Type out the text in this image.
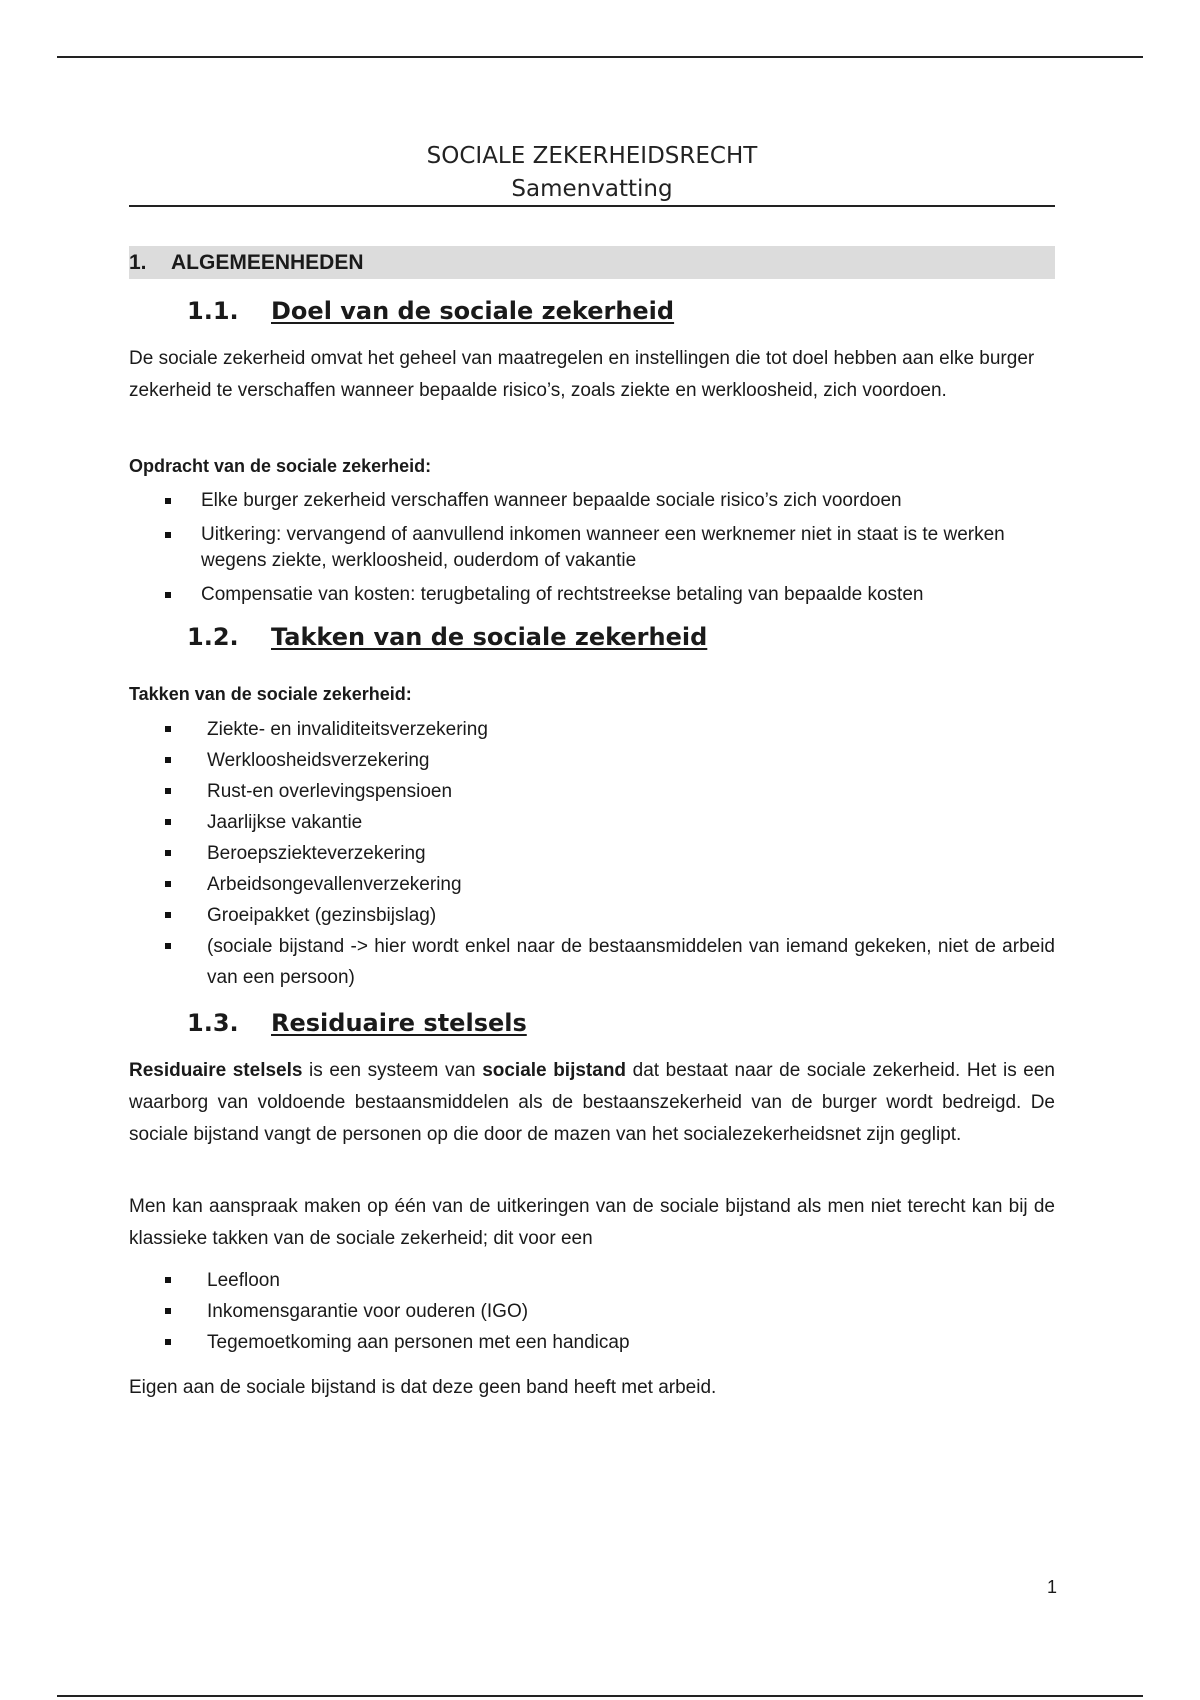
SOCIALE ZEKERHEIDSRECHT
Samenvatting
1. ALGEMEENHEDEN
1.1. Doel van de sociale zekerheid
De sociale zekerheid omvat het geheel van maatregelen en instellingen die tot doel hebben aan elke burger zekerheid te verschaffen wanneer bepaalde risico’s, zoals ziekte en werkloosheid, zich voordoen.
Opdracht van de sociale zekerheid:
Elke burger zekerheid verschaffen wanneer bepaalde sociale risico’s zich voordoen
Uitkering: vervangend of aanvullend inkomen wanneer een werknemer niet in staat is te werken wegens ziekte, werkloosheid, ouderdom of vakantie
Compensatie van kosten: terugbetaling of rechtstreekse betaling van bepaalde kosten
1.2. Takken van de sociale zekerheid
Takken van de sociale zekerheid:
Ziekte- en invaliditeitsverzekering
Werkloosheidsverzekering
Rust-en overlevingspensioen
Jaarlijkse vakantie
Beroepsziekteverzekering
Arbeidsongevallenverzekering
Groeipakket (gezinsbijslag)
(sociale bijstand -> hier wordt enkel naar de bestaansmiddelen van iemand gekeken, niet de arbeid van een persoon)
1.3. Residuaire stelsels
Residuaire stelsels is een systeem van sociale bijstand dat bestaat naar de sociale zekerheid. Het is een waarborg van voldoende bestaansmiddelen als de bestaanszekerheid van de burger wordt bedreigd. De sociale bijstand vangt de personen op die door de mazen van het socialezekerheidsnet zijn geglipt.
Men kan aanspraak maken op één van de uitkeringen van de sociale bijstand als men niet terecht kan bij de klassieke takken van de sociale zekerheid; dit voor een
Leefloon
Inkomensgarantie voor ouderen (IGO)
Tegemoetkoming aan personen met een handicap
Eigen aan de sociale bijstand is dat deze geen band heeft met arbeid.
1
